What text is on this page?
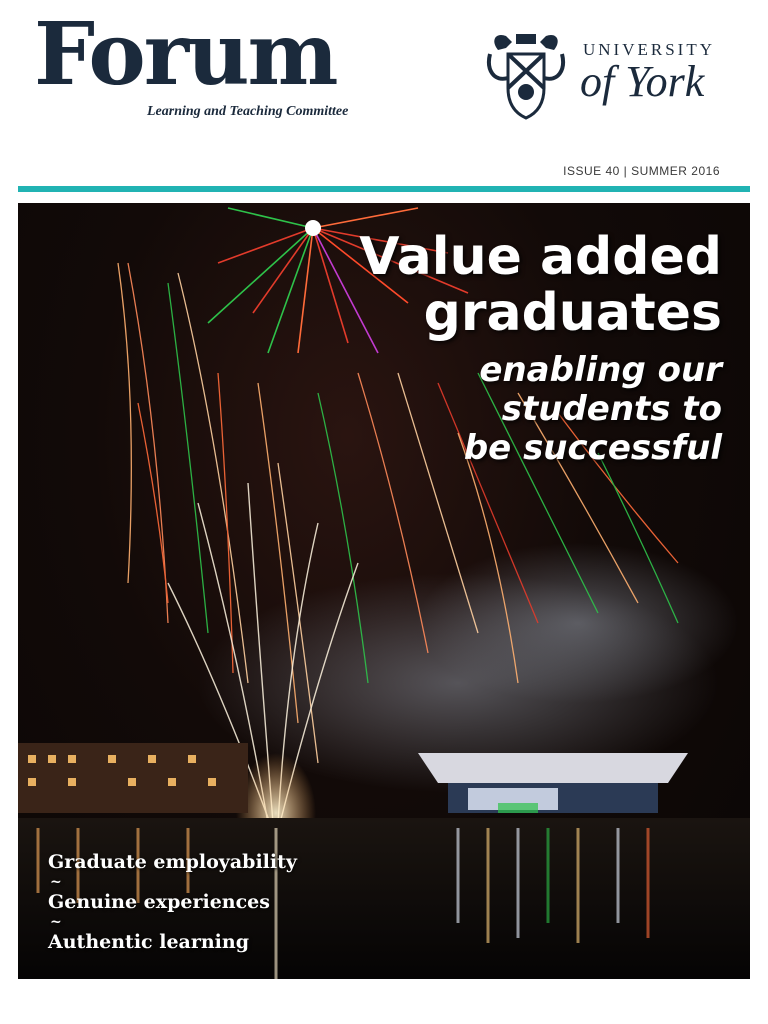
Forum
Learning and Teaching Committee
UNIVERSITY
of York
ISSUE 40 | SUMMER 2016
Value added
graduates
enabling our
students to
be successful
Graduate employability
~
Genuine experiences
~
Authentic learning
